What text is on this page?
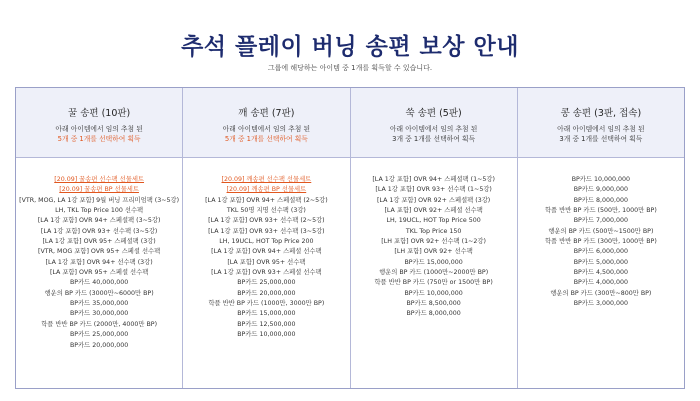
추석 플레이 버닝 송편 보상 안내
그룹에 해당하는 아이템 중 1개를 획득할 수 있습니다.
꿀 송편 (10판)
아래 아이템에서 임의 추첨 된
5개 중 1개를 선택하여 획득
[20.09] 꿀송편 선수팩 선물세트
[20.09] 꿀송편 BP 선물세트
[VTR, MOG, LA 1강 포함] 9월 버닝 프리미엄팩 (3~5강)
LH, TKL Top Price 100 선수팩
[LA 1강 포함] OVR 94+ 스페셜팩 (3~5강)
[LA 1강 포함] OVR 93+ 선수팩 (3~5강)
[LA 1강 포함] OVR 95+ 스페셜팩 (3강)
[VTR, MOG 포함] OVR 95+ 스페셜 선수팩
[LA 1강 포함] OVR 94+ 선수팩 (3강)
[LA 포함] OVR 95+ 스페셜 선수팩
BP카드 40,000,000
행운의 BP 카드 (3000만~6000만 BP)
BP카드 35,000,000
BP카드 30,000,000
학플 반반 BP 카드 (2000만, 4000만 BP)
BP카드 25,000,000
BP카드 20,000,000
깨 송편 (7판)
아래 아이템에서 임의 추첨 된
5개 중 1개를 선택하여 획득
[20.09] 깨송편 선수팩 선물세트
[20.09] 깨송편 BP 선물세트
[LA 1강 포함] OVR 94+ 스페셜팩 (2~5강)
TKL 50명 지명 선수팩 (3강)
[LA 1강 포함] OVR 93+ 선수팩 (2~5강)
[LA 1강 포함] OVR 93+ 선수팩 (3~5강)
LH, 19UCL, HOT Top Price 200
[LA 1강 포함] OVR 94+ 스페셜 선수팩
[LA 포함] OVR 95+ 선수팩
[LA 1강 포함] OVR 93+ 스페셜 선수팩
BP카드 25,000,000
BP카드 20,000,000
학플 반반 BP 카드 (1000만, 3000만 BP)
BP카드 15,000,000
BP카드 12,500,000
BP카드 10,000,000
쑥 송편 (5판)
아래 아이템에서 임의 추첨 된
3개 중 1개를 선택하여 획득
[LA 1강 포함] OVR 94+ 스페셜팩 (1~5강)
[LA 1강 포함] OVR 93+ 선수팩 (1~5강)
[LA 1강 포함] OVR 92+ 스페셜팩 (3강)
[LA 포함] OVR 92+ 스페셜 선수팩
LH, 19UCL, HOT Top Price 500
TKL Top Price 150
[LH 포함] OVR 92+ 선수팩 (1~2강)
[LH 포함] OVR 92+ 선수팩
BP카드 15,000,000
행운의 BP 카드 (1000만~2000만 BP)
학플 반반 BP 카드 (750만 or 1500만 BP)
BP카드 10,000,000
BP카드 8,500,000
BP카드 8,000,000
콩 송편 (3판, 접속)
아래 아이템에서 임의 추첨 된
3개 중 1개를 선택하여 획득
BP카드 10,000,000
BP카드 9,000,000
BP카드 8,000,000
학플 반반 BP 카드 (500만, 1000만 BP)
BP카드 7,000,000
행운의 BP 카드 (500만~1500만 BP)
학플 반반 BP 카드 (300만, 1000만 BP)
BP카드 6,000,000
BP카드 5,000,000
BP카드 4,500,000
BP카드 4,000,000
행운의 BP 카드 (300만~800만 BP)
BP카드 3,000,000
